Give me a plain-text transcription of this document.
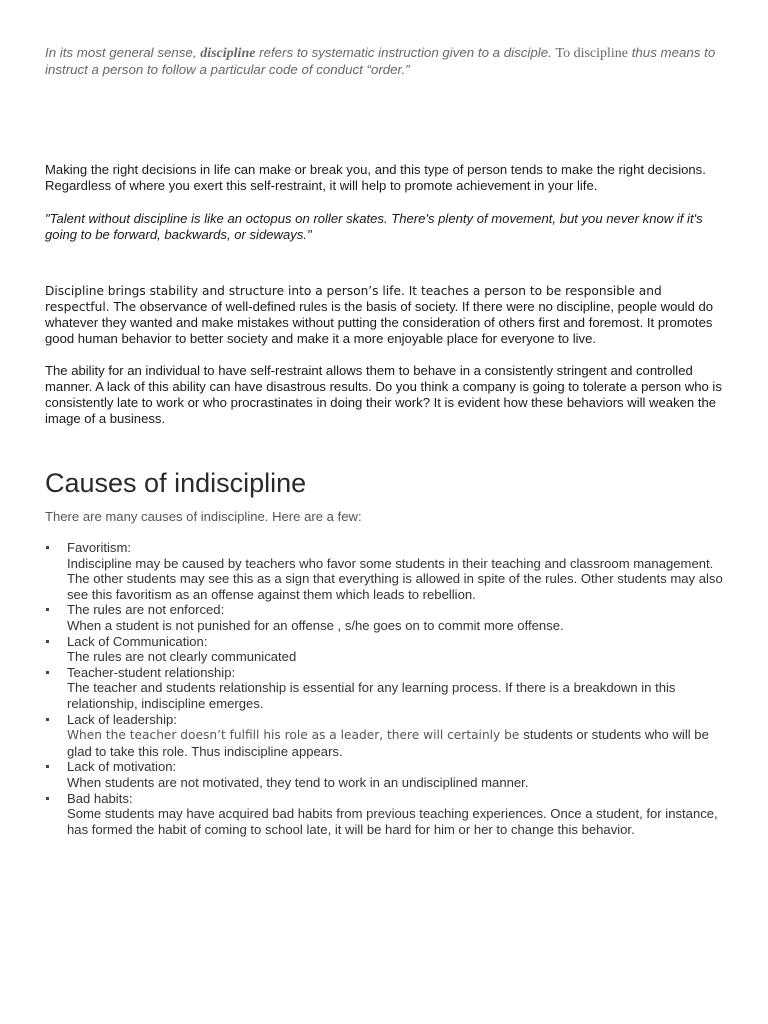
In its most general sense, discipline refers to systematic instruction given to a disciple. To discipline thus means to instruct a person to follow a particular code of conduct “order.”

Making the right decisions in life can make or break you, and this type of person tends to make the right decisions. Regardless of where you exert this self-restraint, it will help to promote achievement in your life.

"Talent without discipline is like an octopus on roller skates. There's plenty of movement, but you never know if it's going to be forward, backwards, or sideways."

Discipline brings stability and structure into a person’s life. It teaches a person to be responsible and respectful. The observance of well-defined rules is the basis of society. If there were no discipline, people would do whatever they wanted and make mistakes without putting the consideration of others first and foremost. It promotes good human behavior to better society and make it a more enjoyable place for everyone to live.

The ability for an individual to have self-restraint allows them to behave in a consistently stringent and controlled manner. A lack of this ability can have disastrous results. Do you think a company is going to tolerate a person who is consistently late to work or who procrastinates in doing their work? It is evident how these behaviors will weaken the image of a business.

Causes of indiscipline

There are many causes of indiscipline. Here are a few:

Favoritism:
Indiscipline may be caused by teachers who favor some students in their teaching and classroom management. The other students may see this as a sign that everything is allowed in spite of the rules. Other students may also see this favoritism as an offense against them which leads to rebellion.
The rules are not enforced:
When a student is not punished for an offense , s/he goes on to commit more offense.
Lack of Communication:
The rules are not clearly communicated
Teacher-student relationship:
The teacher and students relationship is essential for any learning process. If there is a breakdown in this relationship, indiscipline emerges.
Lack of leadership:
When the teacher doesn’t fulfill his role as a leader, there will certainly be students or students who will be glad to take this role. Thus indiscipline appears.
Lack of motivation:
When students are not motivated, they tend to work in an undisciplined manner.
Bad habits:
Some students may have acquired bad habits from previous teaching experiences. Once a student, for instance, has formed the habit of coming to school late, it will be hard for him or her to change this behavior.
